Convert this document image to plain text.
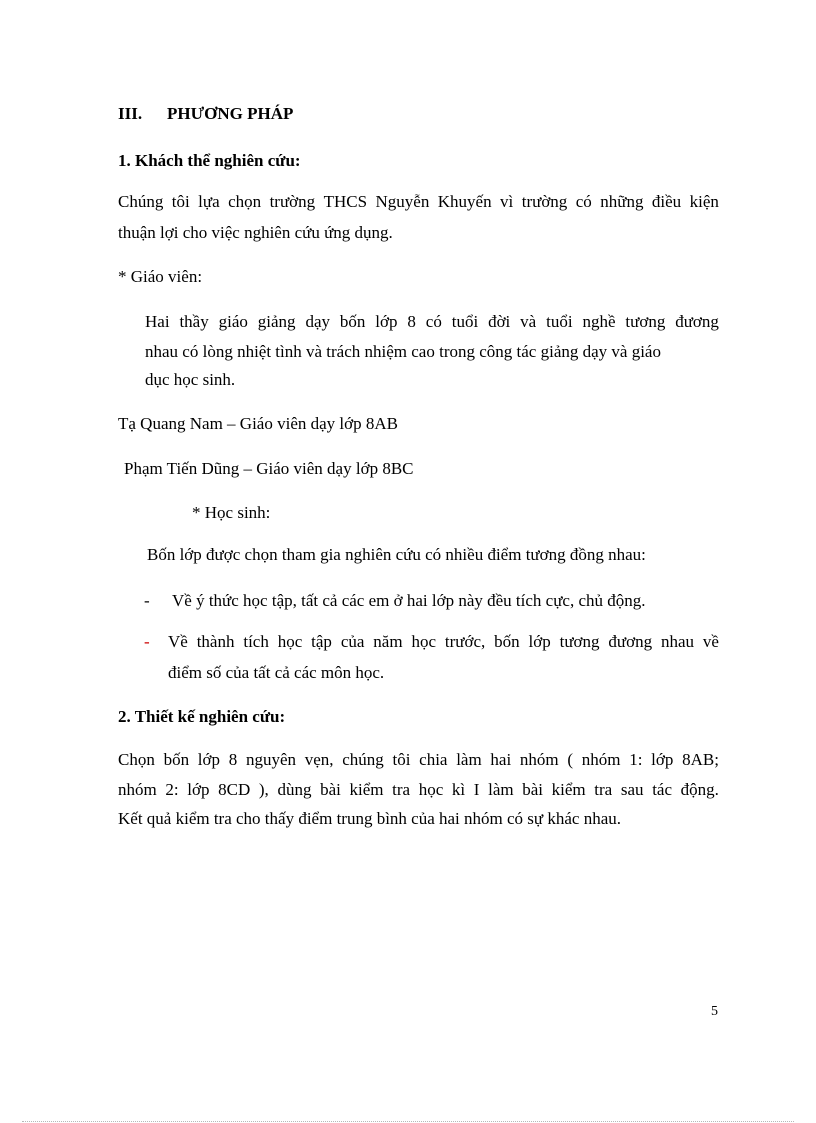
III. PHƯƠNG PHÁP
1. Khách thể nghiên cứu:
Chúng tôi lựa chọn trường THCS Nguyễn Khuyến vì trường có những điều kiện
thuận lợi cho việc nghiên cứu ứng dụng.
* Giáo viên:
Hai thầy giáo giảng dạy bốn lớp 8 có tuổi đời và tuổi nghề tương đương
nhau có lòng nhiệt tình và trách nhiệm cao trong công tác giảng dạy và giáo
dục học sinh.
Tạ Quang Nam – Giáo viên dạy lớp 8AB
Phạm Tiến Dũng – Giáo viên dạy lớp 8BC
* Học sinh:
Bốn lớp được chọn tham gia nghiên cứu có nhiều điểm tương đồng nhau:
-	Về ý thức học tập, tất cả các em ở hai lớp này đều tích cực, chủ động.
-	Về thành tích học tập của năm học trước, bốn lớp tương đương nhau về
điểm số của tất cả các môn học.
2. Thiết kế nghiên cứu:
Chọn bốn lớp 8 nguyên vẹn, chúng tôi chia làm hai nhóm ( nhóm 1: lớp 8AB;
nhóm 2: lớp 8CD ), dùng bài kiểm tra học kì I làm bài kiểm tra sau tác động.
Kết quả kiểm tra cho thấy điểm trung bình của hai nhóm có sự khác nhau.
5
